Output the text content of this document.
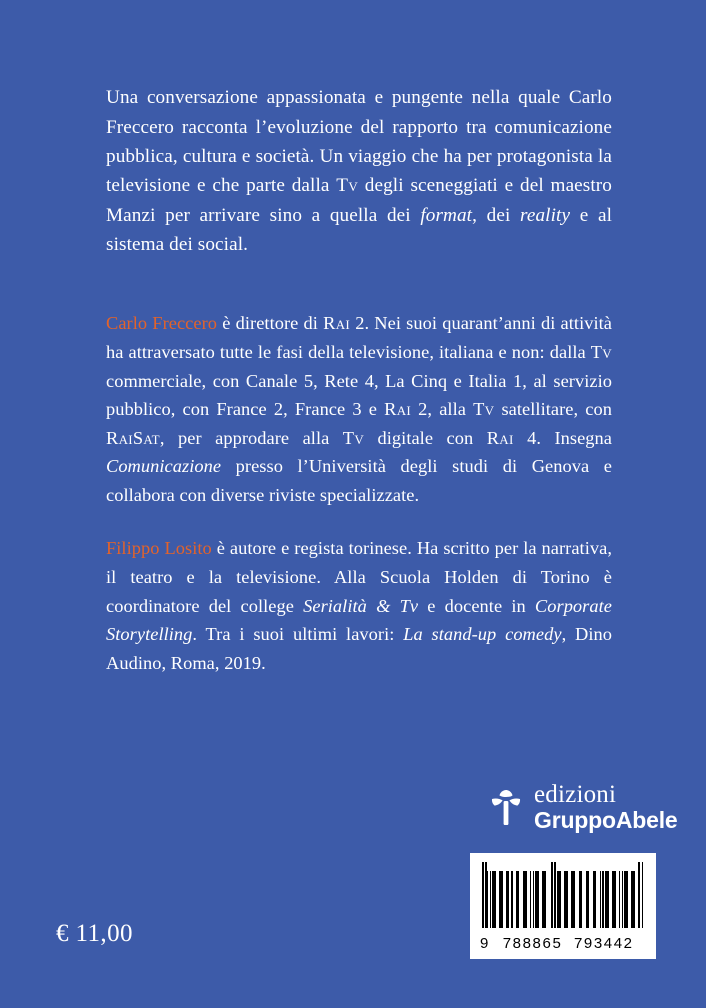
Una conversazione appassionata e pungente nella quale Carlo Freccero racconta l’evoluzione del rapporto tra comunicazione pubblica, cultura e società. Un viaggio che ha per protagonista la televisione e che parte dalla Tv degli sceneggiati e del maestro Manzi per arrivare sino a quella dei format, dei reality e al sistema dei social.

Carlo Freccero è direttore di Rai 2. Nei suoi quarant’anni di attività ha attraversato tutte le fasi della televisione, italiana e non: dalla Tv commerciale, con Canale 5, Rete 4, La Cinq e Italia 1, al servizio pubblico, con France 2, France 3 e Rai 2, alla Tv satellitare, con RaiSat, per approdare alla Tv digitale con Rai 4. Insegna Comunicazione presso l’Università degli studi di Genova e collabora con diverse riviste specializzate.

Filippo Losito è autore e regista torinese. Ha scritto per la narrativa, il teatro e la televisione. Alla Scuola Holden di Torino è coordinatore del college Serialità & Tv e docente in Corporate Storytelling. Tra i suoi ultimi lavori: La stand-up comedy, Dino Audino, Roma, 2019.

edizioni
GruppoAbele
9 788865 793442
€ 11,00
